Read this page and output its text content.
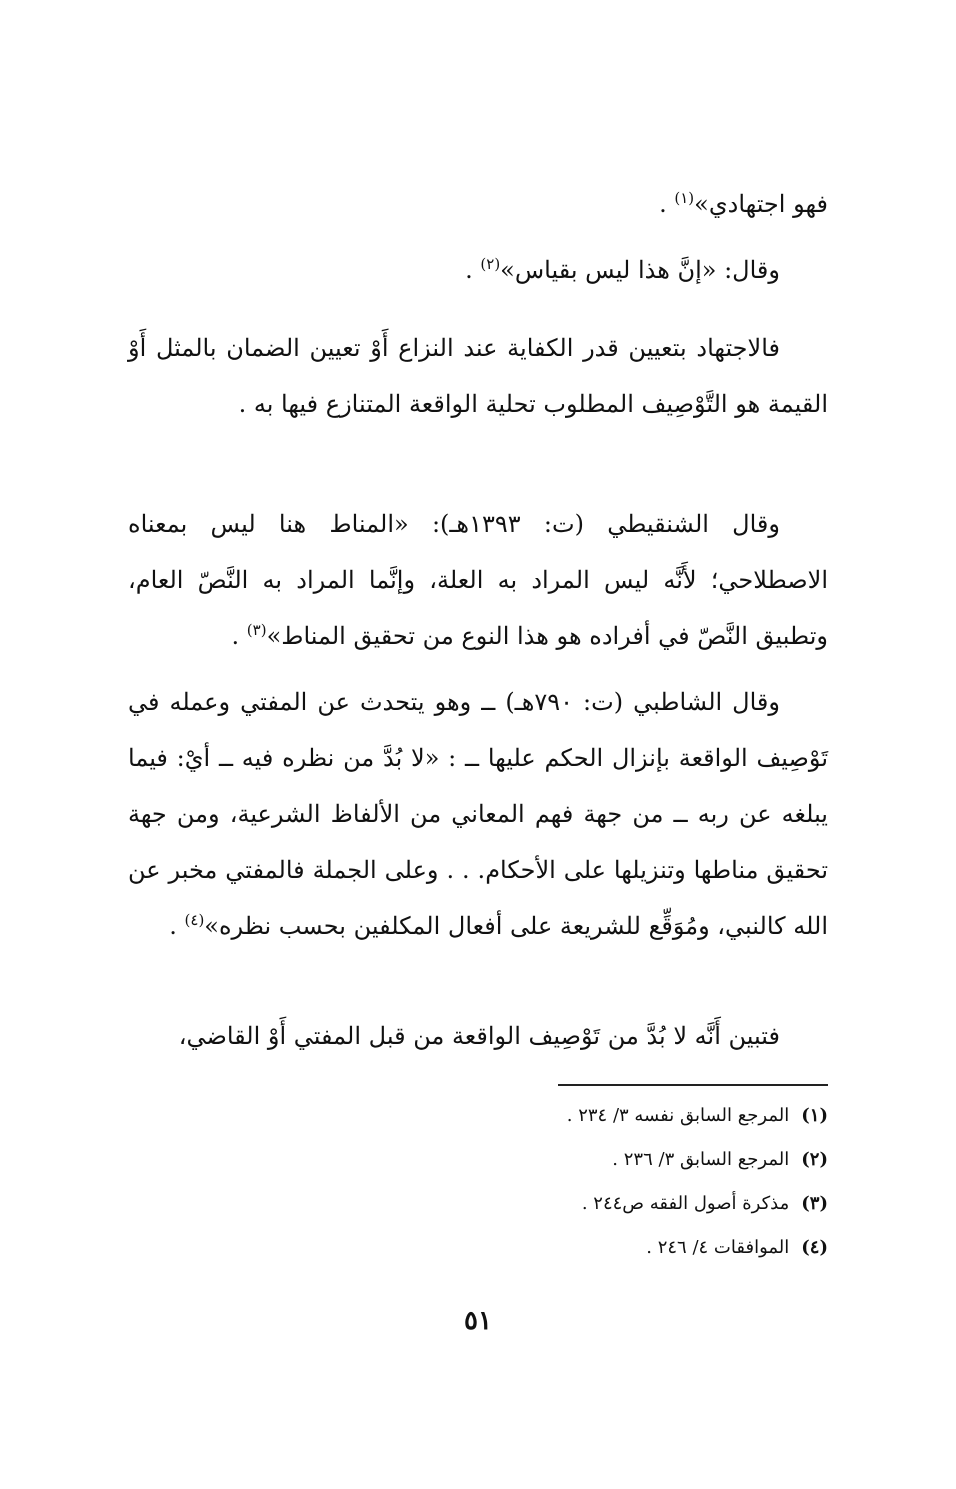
فهو اجتهادي»$^{(١)}$ .
وقال: «إنَّ هذا ليس بقياس»$^{(٢)}$ .
فالاجتهاد بتعيين قدر الكفاية عند النزاع أَوْ تعيين الضمان بالمثل أَوْ القيمة هو التَّوْصِيف المطلوب تحلية الواقعة المتنازع فيها به .
وقال الشنقيطي (ت: ١٣٩٣هـ): «المناط هنا ليس بمعناه الاصطلاحي؛ لأَنَّه ليس المراد به العلة، وإنَّما المراد به النَّصّ العام، وتطبيق النَّصّ في أفراده هو هذا النوع من تحقيق المناط»$^{(٣)}$ .
وقال الشاطبي (ت: ٧٩٠هـ) ــ وهو يتحدث عن المفتي وعمله في تَوْصِيف الواقعة بإنزال الحكم عليها ــ : «لا بُدَّ من نظره فيه ــ أيْ: فيما يبلغه عن ربه ــ من جهة فهم المعاني من الألفاظ الشرعية، ومن جهة تحقيق مناطها وتنزيلها على الأحكام. . . وعلى الجملة فالمفتي مخبر عن الله كالنبي، ومُوَقِّع للشريعة على أفعال المكلفين بحسب نظره»$^{(٤)}$ .
فتبين أَنَّه لا بُدَّ من تَوْصِيف الواقعة من قبل المفتي أَوْ القاضي،
(١)المرجع السابق نفسه ٣/ ٢٣٤ .
(٢)المرجع السابق ٣/ ٢٣٦ .
(٣)مذكرة أصول الفقه ص٢٤٤ .
(٤)الموافقات ٤/ ٢٤٦ .
٥١
